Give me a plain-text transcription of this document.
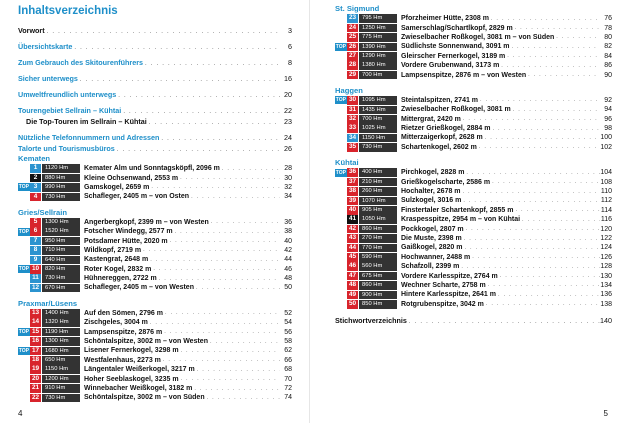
Inhaltsverzeichnis
Vorwort . . .	3
Übersichtskarte . . .	6
Zum Gebrauch des Skitourenführers . . .	8
Sicher unterwegs . . .	16
Umweltfreundlich unterwegs . . .	20
Tourengebiet Sellrain – Kühtai . . .	22
Die Top-Touren im Sellrain – Kühtai . . .	23
Nützliche Telefonnummern und Adressen . . .	24
Talorte und Tourismusbüros . . .	26
Kematen
1	1120 Hm	Kemater Alm und Sonntagsköpfl, 2096 m . . .	28
2	880 Hm	Kleine Ochsenwand, 2553 m . . .	30
TOP 3	990 Hm	Gamskogel, 2659 m . . .	32
4	730 Hm	Schafleger, 2405 m – von Osten . . .	34
Gries/Sellrain
5	1300 Hm	Angerbergkopf, 2399 m – von Westen . . .	36
TOP 6	1520 Hm	Fotscher Windegg, 2577 m . . .	38
7	950 Hm	Potsdamer Hütte, 2020 m . . .	40
8	710 Hm	Wildkopf, 2719 m . . .	42
9	640 Hm	Kastengrat, 2648 m . . .	44
TOP 10	820 Hm	Roter Kogel, 2832 m . . .	46
11	730 Hm	Hühnereggen, 2722 m . . .	48
12	670 Hm	Schafleger, 2405 m – von Westen . . .	50
Praxmar/Lüsens
13	1400 Hm	Auf den Sömen, 2796 m . . .	52
14	1320 Hm	Zischgeles, 3004 m . . .	54
TOP 15	1190 Hm	Lampsenspitze, 2876 m . . .	56
16	1300 Hm	Schöntalspitze, 3002 m – von Westen . . .	58
TOP 17	1680 Hm	Lisener Fernerkogel, 3298 m . . .	62
18	650 Hm	Westfalenhaus, 2273 m . . .	66
19	1150 Hm	Längentaler Weißerkogel, 3217 m . . .	68
20	1200 Hm	Hoher Seeblaskogel, 3235 m . . .	70
21	910 Hm	Winnebacher Weißkogel, 3182 m . . .	72
22	730 Hm	Schöntalspitze, 3002 m – von Süden . . .	74
4
St. Sigmund
23	795 Hm	Pforzheimer Hütte, 2308 m . . .	76
24	1250 Hm	Samerschlag/Schartlkopf, 2829 m . . .	78
25	775 Hm	Zwieselbacher Roßkogel, 3081 m – von Süden . . .	80
TOP 26	1390 Hm	Südlichste Sonnenwand, 3091 m . . .	82
27	1290 Hm	Gleirscher Fernerkogel, 3189 m . . .	84
28	1380 Hm	Vordere Grubenwand, 3173 m . . .	86
29	700 Hm	Lampsenspitze, 2876 m – von Westen . . .	90
Haggen
TOP 30	1095 Hm	Steintalspitzen, 2741 m . . .	92
31	1435 Hm	Zwieselbacher Roßkogel, 3081 m . . .	94
32	700 Hm	Mittergrat, 2420 m . . .	96
33	1025 Hm	Rietzer Grießkogel, 2884 m . . .	98
34	1150 Hm	Mitterzaigerkopf, 2628 m . . .	100
35	730 Hm	Schartenkogel, 2602 m . . .	102
Kühtai
TOP 36	400 Hm	Pirchkogel, 2828 m . . .	104
37	210 Hm	Grießkogelscharte, 2586 m . . .	108
38	260 Hm	Hochalter, 2678 m . . .	110
39	1070 Hm	Sulzkogel, 3016 m . . .	112
40	905 Hm	Finstertaler Schartenkopf, 2855 m . . .	114
41	1050 Hm	Kraspesspitze, 2954 m – von Kühtai . . .	116
42	860 Hm	Pockkogel, 2807 m . . .	120
43	270 Hm	Die Muste, 2398 m . . .	122
44	770 Hm	Gaißkogel, 2820 m . . .	124
45	590 Hm	Hochwanner, 2488 m . . .	126
46	560 Hm	Schafzoll, 2399 m . . .	128
47	675 Hm	Vordere Karlesspitze, 2764 m . . .	130
48	860 Hm	Wechner Scharte, 2758 m . . .	134
49	900 Hm	Hintere Karlesspitze, 2641 m . . .	136
50	850 Hm	Rotgrubenspitze, 3042 m . . .	138
Stichwortverzeichnis . . .	140
5
